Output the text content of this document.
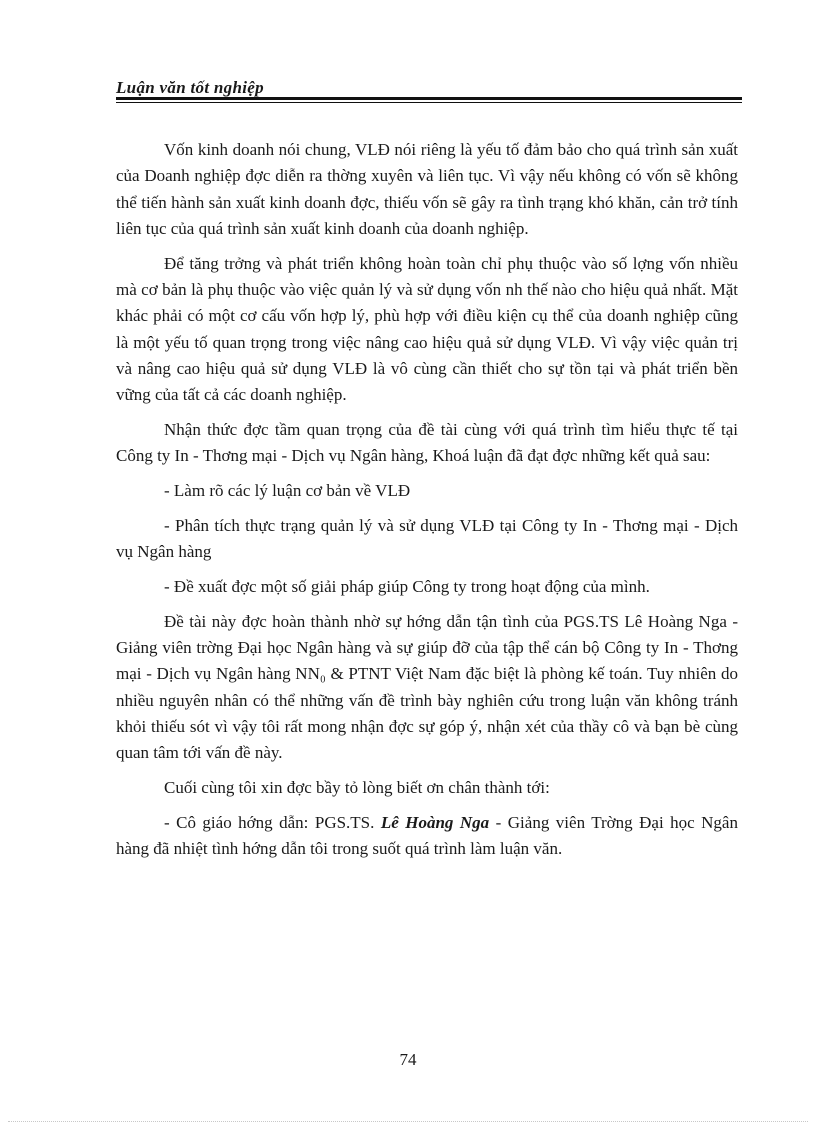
Luận văn tốt nghiệp

Vốn kinh doanh nói chung, VLĐ nói riêng là yếu tố đảm bảo cho quá trình sản xuất của Doanh nghiệp đợc diễn ra thờng xuyên và liên tục. Vì vậy nếu không có vốn sẽ không thể tiến hành sản xuất kinh doanh đợc, thiếu vốn sẽ gây ra tình trạng khó khăn, cản trở tính liên tục của quá trình sản xuất kinh doanh của doanh nghiệp.

Để tăng trởng và phát triển không hoàn toàn chỉ phụ thuộc vào số lợng vốn nhiều mà cơ bản là phụ thuộc vào việc quản lý và sử dụng vốn nh thế nào cho hiệu quả nhất. Mặt khác phải có một cơ cấu vốn hợp lý, phù hợp với điều kiện cụ thể của doanh nghiệp cũng là một yếu tố quan trọng trong việc nâng cao hiệu quả sử dụng VLĐ. Vì vậy việc quản trị và nâng cao hiệu quả sử dụng VLĐ là vô cùng cần thiết cho sự tồn tại và phát triển bền vững của tất cả các doanh nghiệp.

Nhận thức đợc tầm quan trọng của đề tài cùng với quá trình tìm hiểu thực tế tại Công ty In - Thơng mại - Dịch vụ Ngân hàng, Khoá luận đã đạt đợc những kết quả sau:

- Làm rõ các lý luận cơ bản về VLĐ

- Phân tích thực trạng quản lý và sử dụng VLĐ tại Công ty In - Thơng mại - Dịch vụ Ngân hàng

- Đề xuất đợc một số giải pháp giúp Công ty trong hoạt động của mình.

Đề tài này đợc hoàn thành nhờ sự hớng dẫn tận tình của PGS.TS Lê Hoàng Nga - Giảng viên trờng Đại học Ngân hàng và sự giúp đỡ của tập thể cán bộ Công ty In - Thơng mại - Dịch vụ Ngân hàng NN₀ & PTNT Việt Nam đặc biệt là phòng kế toán. Tuy nhiên do nhiều nguyên nhân có thể những vấn đề trình bày nghiên cứu trong luận văn không tránh khỏi thiếu sót vì vậy tôi rất mong nhận đợc sự góp ý, nhận xét của thầy cô và bạn bè cùng quan tâm tới vấn đề này.

Cuối cùng tôi xin đợc bầy tỏ lòng biết ơn chân thành tới:

- Cô giáo hớng dẫn: PGS.TS. Lê Hoàng Nga - Giảng viên Trờng Đại học Ngân hàng đã nhiệt tình hớng dẫn tôi trong suốt quá trình làm luận văn.

74
